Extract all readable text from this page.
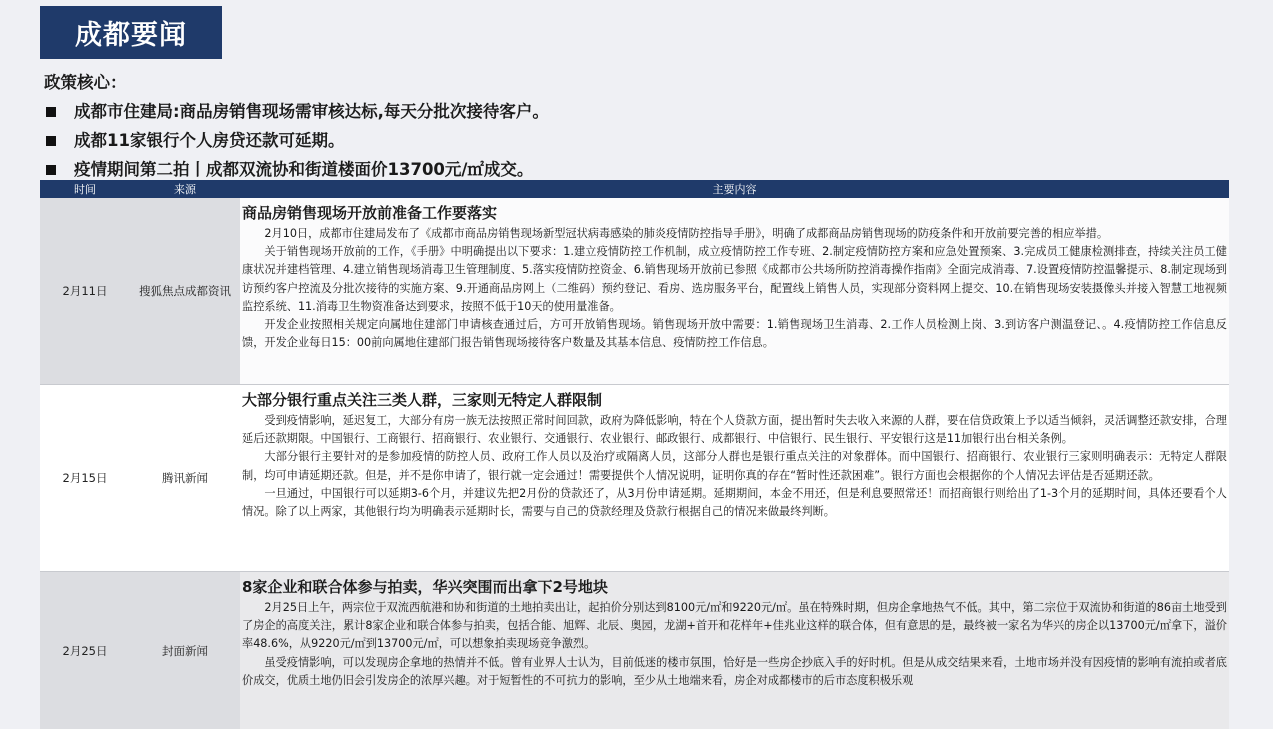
成都要闻
政策核心：
成都市住建局:商品房销售现场需审核达标,每天分批次接待客户。
成都11家银行个人房贷还款可延期。
疫情期间第二拍丨成都双流协和街道楼面价13700元/㎡成交。
时间	来源	主要内容
2月11日	搜狐焦点成都资讯	商品房销售现场开放前准备工作要落实

2月10日，成都市住建局发布了《成都市商品房销售现场新型冠状病毒感染的肺炎疫情防控指导手册》，明确了成都商品房销售现场的防疫条件和开放前要完善的相应举措。

关于销售现场开放前的工作，《手册》中明确提出以下要求：1.建立疫情防控工作机制，成立疫情防控工作专班、2.制定疫情防控方案和应急处置预案、3.完成员工健康检测排查，持续关注员工健康状况并建档管理、4.建立销售现场消毒卫生管理制度、5.落实疫情防控资金、6.销售现场开放前已参照《成都市公共场所防控消毒操作指南》全面完成消毒、7.设置疫情防控温馨提示、8.制定现场到访预约客户控流及分批次接待的实施方案、9.开通商品房网上（二维码）预约登记、看房、选房服务平台，配置线上销售人员，实现部分资料网上提交、10.在销售现场安装摄像头并接入智慧工地视频监控系统、11.消毒卫生物资准备达到要求，按照不低于10天的使用量准备。

开发企业按照相关规定向属地住建部门申请核查通过后，方可开放销售现场。销售现场开放中需要：1.销售现场卫生消毒、2.工作人员检测上岗、3.到访客户测温登记、。4.疫情防控工作信息反馈，开发企业每日15：00前向属地住建部门报告销售现场接待客户数量及其基本信息、疫情防控工作信息。

2月15日	腾讯新闻	大部分银行重点关注三类人群，三家则无特定人群限制

受到疫情影响，延迟复工，大部分有房一族无法按照正常时间回款，政府为降低影响，特在个人贷款方面，提出暂时失去收入来源的人群，要在信贷政策上予以适当倾斜，灵活调整还款安排，合理延后还款期限。中国银行、工商银行、招商银行、农业银行、交通银行、农业银行、邮政银行、成都银行、中信银行、民生银行、平安银行这是11加银行出台相关条例。

大部分银行主要针对的是参加疫情的防控人员、政府工作人员以及治疗或隔离人员，这部分人群也是银行重点关注的对象群体。而中国银行、招商银行、农业银行三家则明确表示：无特定人群限制，均可申请延期还款。但是，并不是你申请了，银行就一定会通过！需要提供个人情况说明，证明你真的存在“暂时性还款困难”。银行方面也会根据你的个人情况去评估是否延期还款。

一旦通过，中国银行可以延期3-6个月，并建议先把2月份的贷款还了，从3月份申请延期。延期期间，本金不用还，但是利息要照常还！而招商银行则给出了1-3个月的延期时间，具体还要看个人情况。除了以上两家，其他银行均为明确表示延期时长，需要与自己的贷款经理及贷款行根据自己的情况来做最终判断。

2月25日	封面新闻	8家企业和联合体参与拍卖，华兴突围而出拿下2号地块

2月25日上午，两宗位于双流西航港和协和街道的土地拍卖出让，起拍价分别达到8100元/㎡和9220元/㎡。虽在特殊时期，但房企拿地热气不低。其中，第二宗位于双流协和街道的86亩土地受到了房企的高度关注，累计8家企业和联合体参与拍卖，包括合能、旭辉、北辰、奥园，龙湖+首开和花样年+佳兆业这样的联合体，但有意思的是，最终被一家名为华兴的房企以13700元/㎡拿下，溢价率48.6%，从9220元/㎡到13700元/㎡，可以想象拍卖现场竞争激烈。

虽受疫情影响，可以发现房企拿地的热情并不低。曾有业界人士认为，目前低迷的楼市氛围，恰好是一些房企抄底入手的好时机。但是从成交结果来看，土地市场并没有因疫情的影响有流拍或者底价成交，优质土地仍旧会引发房企的浓厚兴趣。对于短暂性的不可抗力的影响，至少从土地端来看，房企对成都楼市的后市态度积极乐观
